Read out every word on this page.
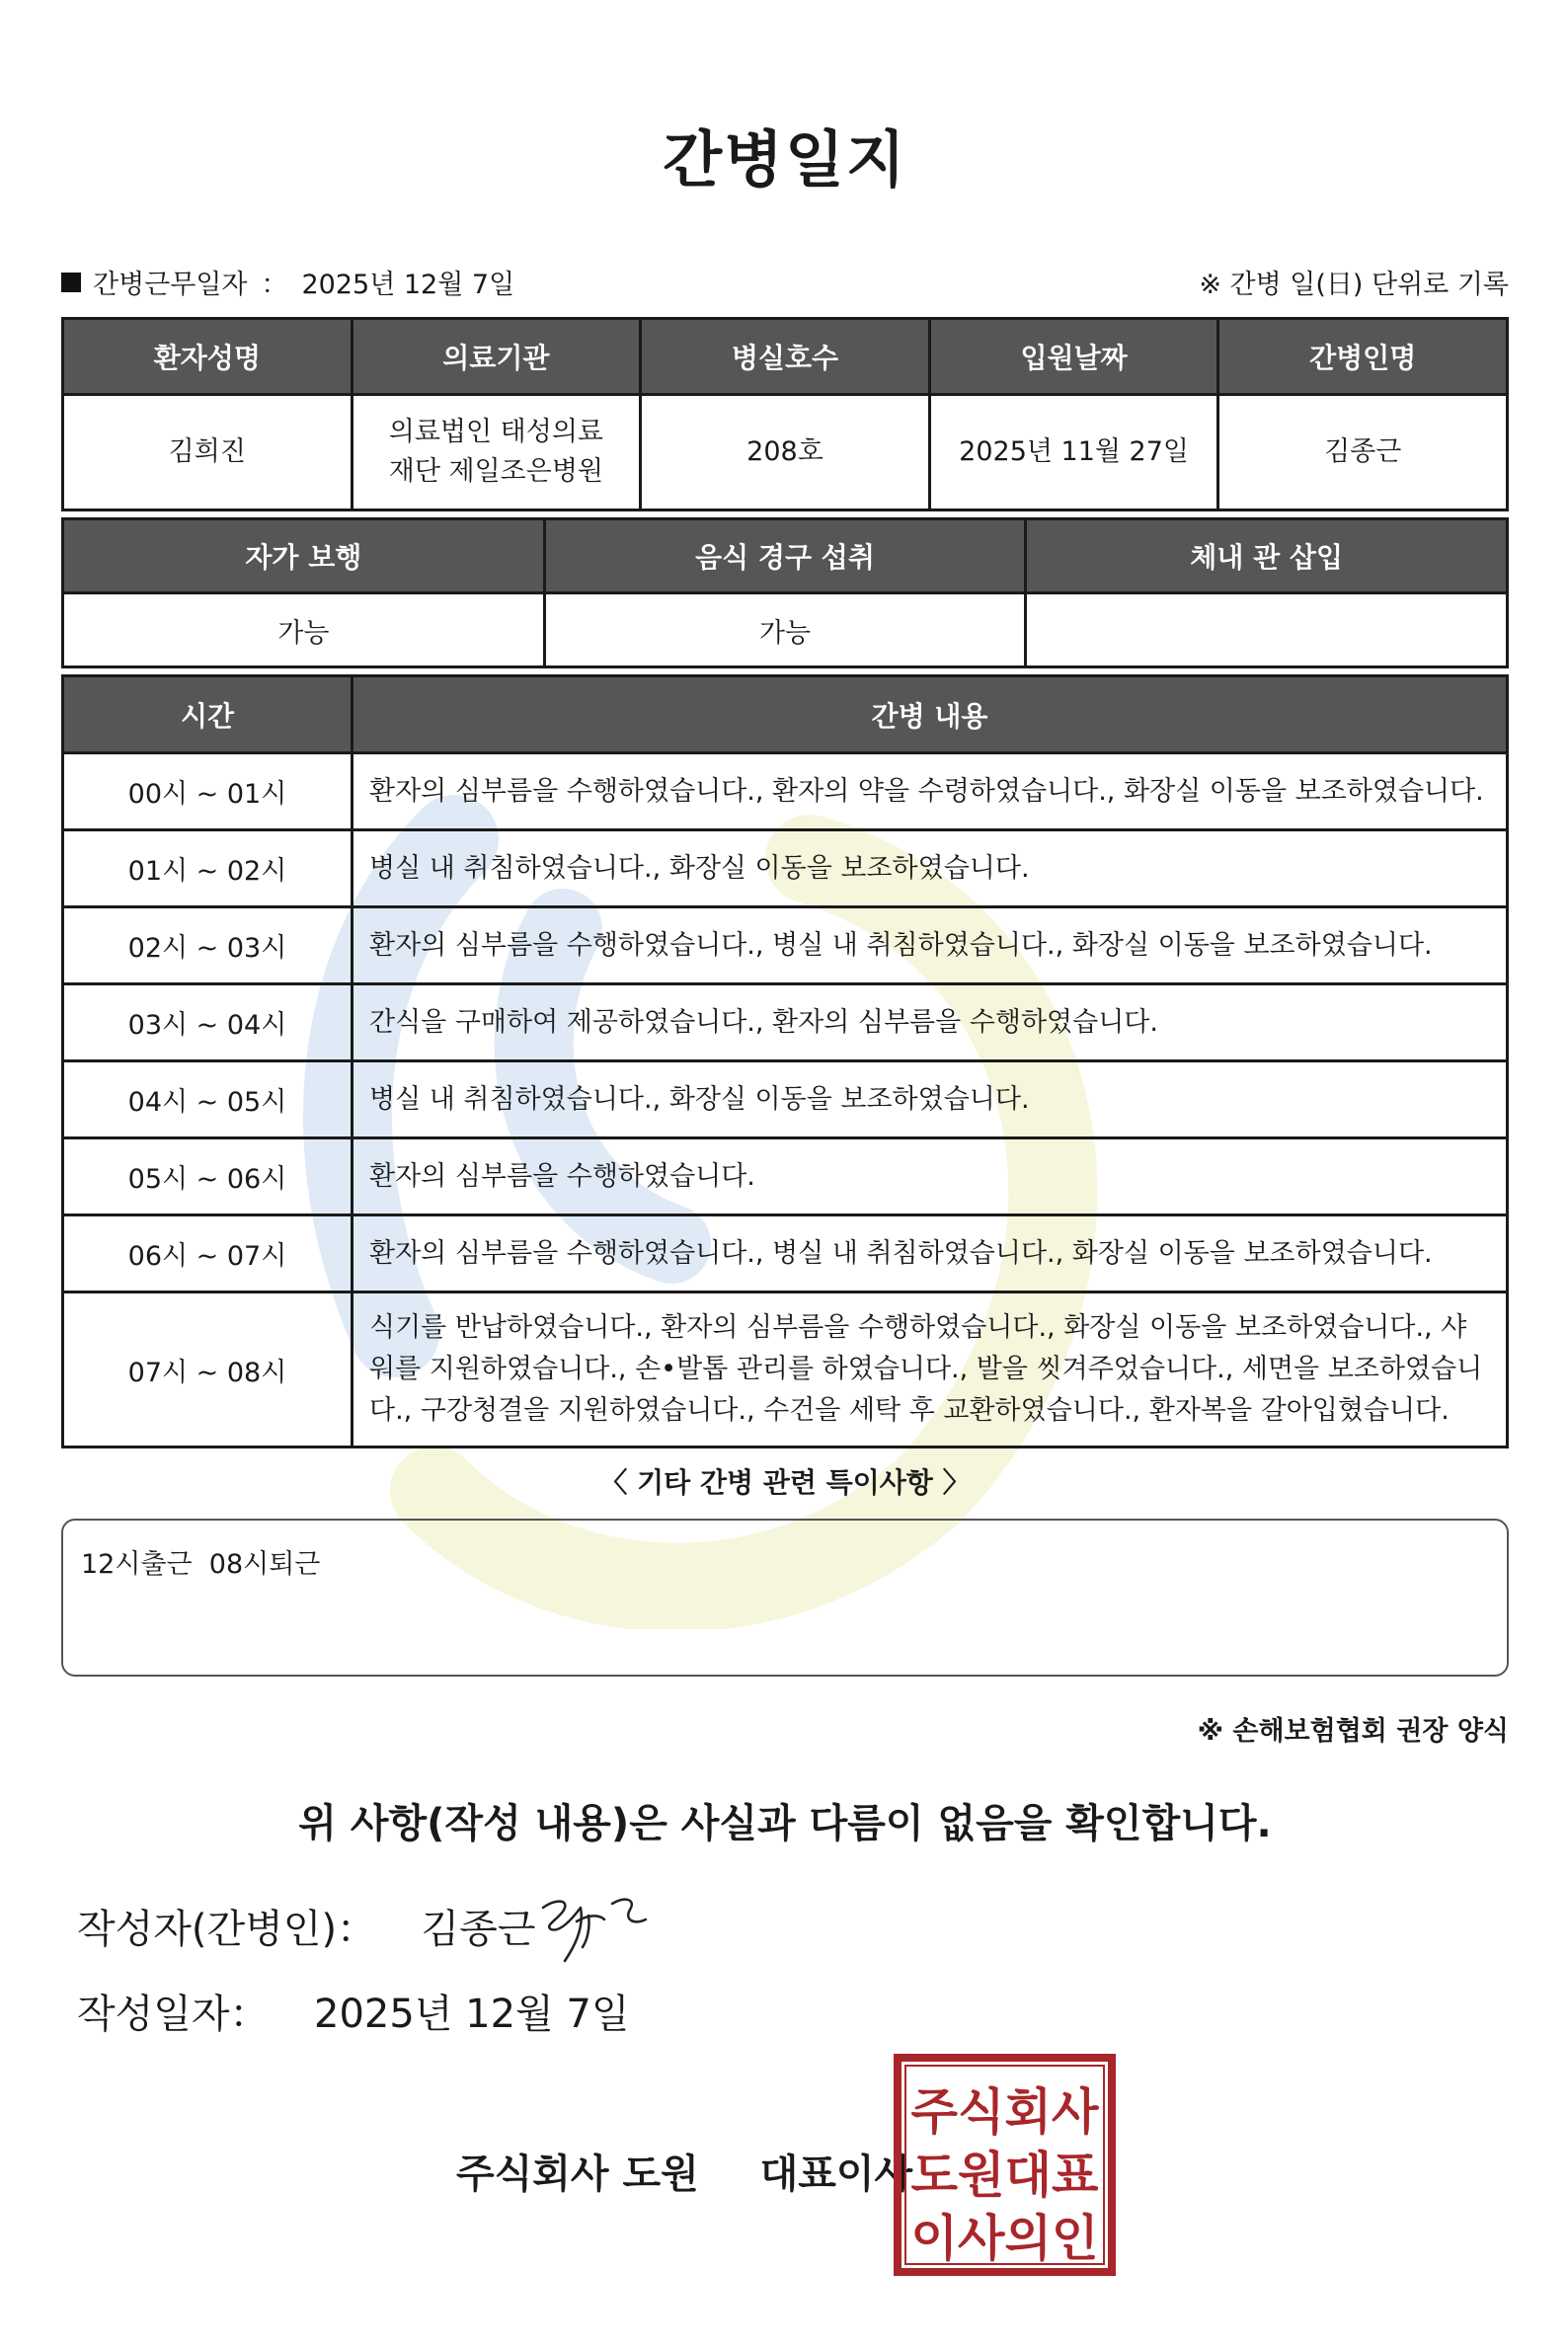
간병일지
간병근무일자 ： 2025년 12월 7일	※ 간병 일(日) 단위로 기록
환자성명	의료기관	병실호수	입원날짜	간병인명
김희진	의료법인 태성의료재단 제일조은병원	208호	2025년 11월 27일	김종근
자가 보행	음식 경구 섭취	체내 관 삽입
가능	가능	
시간	간병 내용
00시 ~ 01시	환자의 심부름을 수행하였습니다., 환자의 약을 수령하였습니다., 화장실 이동을 보조하였습니다.
01시 ~ 02시	병실 내 취침하였습니다., 화장실 이동을 보조하였습니다.
02시 ~ 03시	환자의 심부름을 수행하였습니다., 병실 내 취침하였습니다., 화장실 이동을 보조하였습니다.
03시 ~ 04시	간식을 구매하여 제공하였습니다., 환자의 심부름을 수행하였습니다.
04시 ~ 05시	병실 내 취침하였습니다., 화장실 이동을 보조하였습니다.
05시 ~ 06시	환자의 심부름을 수행하였습니다.
06시 ~ 07시	환자의 심부름을 수행하였습니다., 병실 내 취침하였습니다., 화장실 이동을 보조하였습니다.
07시 ~ 08시	식기를 반납하였습니다., 환자의 심부름을 수행하였습니다., 화장실 이동을 보조하였습니다., 샤워를 지원하였습니다., 손•발톱 관리를 하였습니다., 발을 씻겨주었습니다., 세면을 보조하였습니다., 구강청결을 지원하였습니다., 수건을 세탁 후 교환하였습니다., 환자복을 갈아입혔습니다.
〈 기타 간병 관련 특이사항 〉
12시출근  08시퇴근
※ 손해보험협회 권장 양식
위 사항(작성 내용)은 사실과 다름이 없음을 확인합니다.
작성자(간병인)： 김종근
작성일자： 2025년 12월 7일
주식회사 도원 대표이사
주식회사
도원대표
이사의인
